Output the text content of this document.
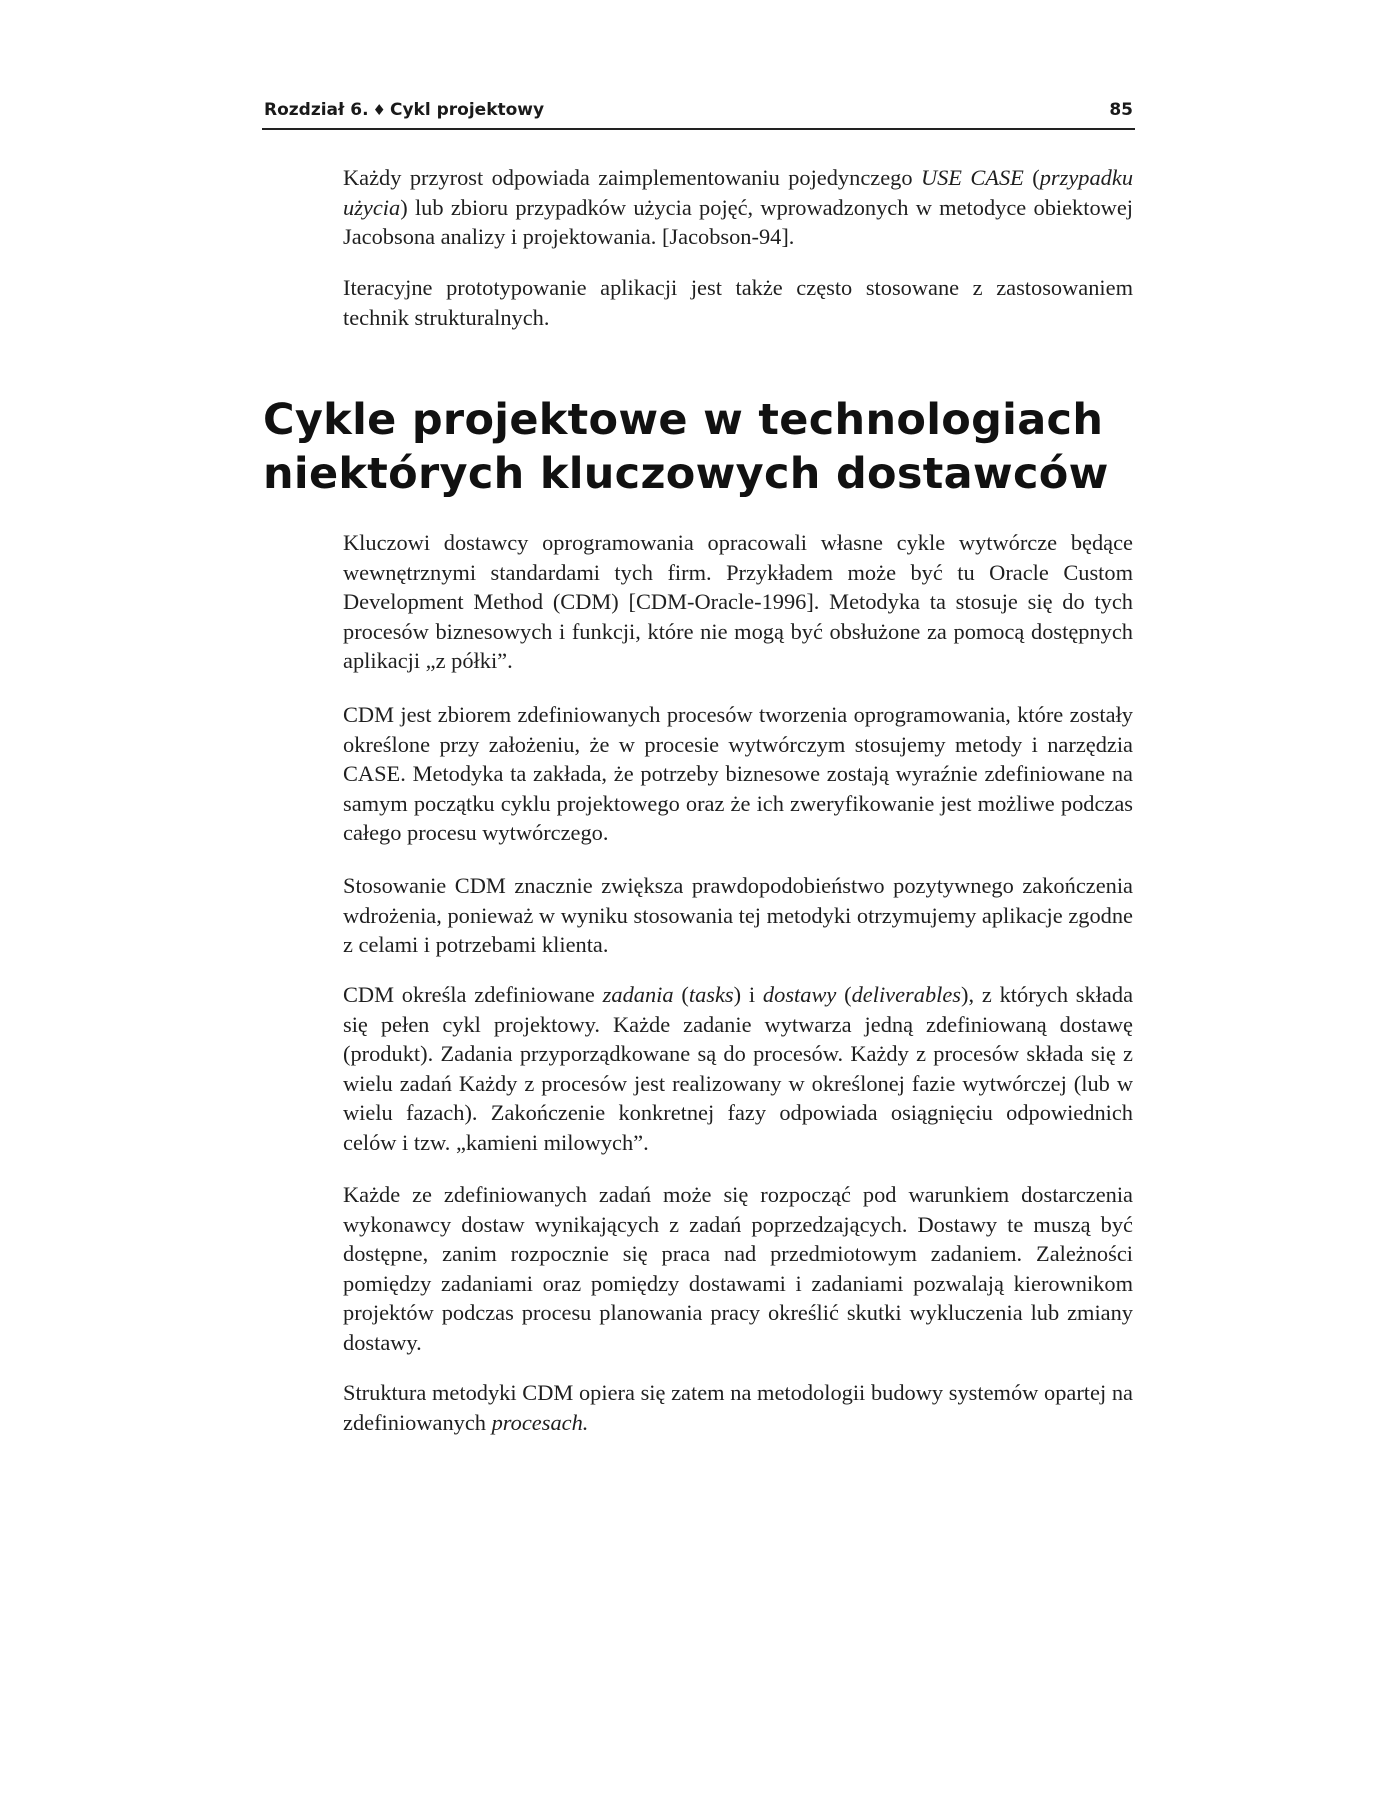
Rozdział 6. ♦ Cykl projektowy	85

Każdy przyrost odpowiada zaimplementowaniu pojedynczego USE CASE (przypadku użycia) lub zbioru przypadków użycia pojęć, wprowadzonych w metodyce obiektowej Jacobsona analizy i projektowania. [Jacobson-94].

Iteracyjne prototypowanie aplikacji jest także często stosowane z zastosowaniem technik strukturalnych.

Cykle projektowe w technologiach niektórych kluczowych dostawców

Kluczowi dostawcy oprogramowania opracowali własne cykle wytwórcze będące wewnętrznymi standardami tych firm. Przykładem może być tu Oracle Custom Development Method (CDM) [CDM-Oracle-1996]. Metodyka ta stosuje się do tych procesów biznesowych i funkcji, które nie mogą być obsłużone za pomocą dostępnych aplikacji „z półki”.

CDM jest zbiorem zdefiniowanych procesów tworzenia oprogramowania, które zostały określone przy założeniu, że w procesie wytwórczym stosujemy metody i narzędzia CASE. Metodyka ta zakłada, że potrzeby biznesowe zostają wyraźnie zdefiniowane na samym początku cyklu projektowego oraz że ich zweryfikowanie jest możliwe podczas całego procesu wytwórczego.

Stosowanie CDM znacznie zwiększa prawdopodobieństwo pozytywnego zakończenia wdrożenia, ponieważ w wyniku stosowania tej metodyki otrzymujemy aplikacje zgodne z celami i potrzebami klienta.

CDM określa zdefiniowane zadania (tasks) i dostawy (deliverables), z których składa się pełen cykl projektowy. Każde zadanie wytwarza jedną zdefiniowaną dostawę (produkt). Zadania przyporządkowane są do procesów. Każdy z procesów składa się z wielu zadań Każdy z procesów jest realizowany w określonej fazie wytwórczej (lub w wielu fazach). Zakończenie konkretnej fazy odpowiada osiągnięciu odpowiednich celów i tzw. „kamieni milowych”.

Każde ze zdefiniowanych zadań może się rozpocząć pod warunkiem dostarczenia wykonawcy dostaw wynikających z zadań poprzedzających. Dostawy te muszą być dostępne, zanim rozpocznie się praca nad przedmiotowym zadaniem. Zależności pomiędzy zadaniami oraz pomiędzy dostawami i zadaniami pozwalają kierownikom projektów podczas procesu planowania pracy określić skutki wykluczenia lub zmiany dostawy.

Struktura metodyki CDM opiera się zatem na metodologii budowy systemów opartej na zdefiniowanych procesach.
